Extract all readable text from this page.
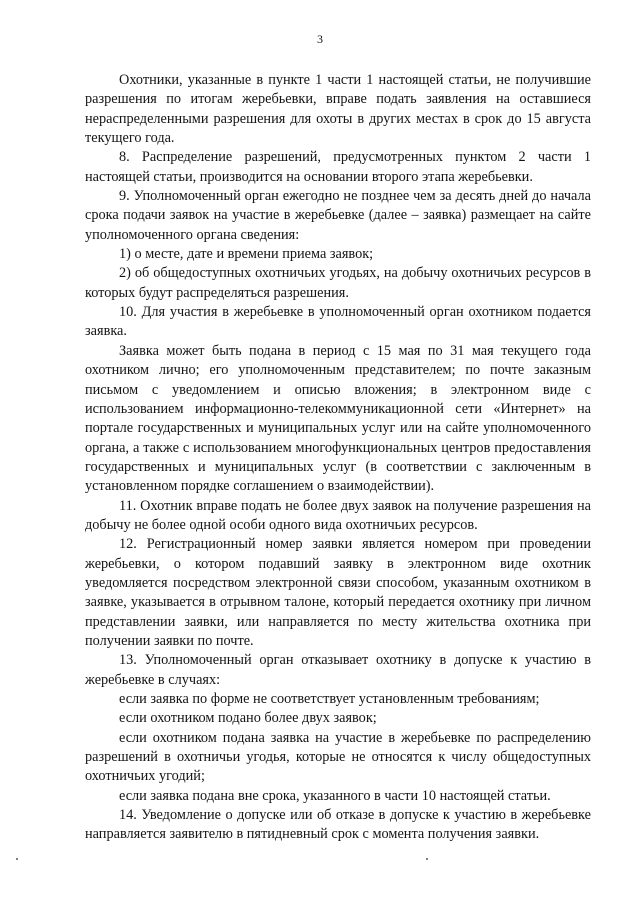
3

Охотники, указанные в пункте 1 части 1 настоящей статьи, не получившие разрешения по итогам жеребьевки, вправе подать заявления на оставшиеся нераспределенными разрешения для охоты в других местах в срок до 15 августа текущего года.

8. Распределение разрешений, предусмотренных пунктом 2 части 1 настоящей статьи, производится на основании второго этапа жеребьевки.

9. Уполномоченный орган ежегодно не позднее чем за десять дней до начала срока подачи заявок на участие в жеребьевке (далее – заявка) размещает на сайте уполномоченного органа сведения:

1) о месте, дате и времени приема заявок;

2) об общедоступных охотничьих угодьях, на добычу охотничьих ресурсов в которых будут распределяться разрешения.

10. Для участия в жеребьевке в уполномоченный орган охотником подается заявка.

Заявка может быть подана в период с 15 мая по 31 мая текущего года охотником лично; его уполномоченным представителем; по почте заказным письмом с уведомлением и описью вложения; в электронном виде с использованием информационно-телекоммуникационной сети «Интернет» на портале государственных и муниципальных услуг или на сайте уполномоченного органа, а также с использованием многофункциональных центров предоставления государственных и муниципальных услуг (в соответствии с заключенным в установленном порядке соглашением о взаимодействии).

11. Охотник вправе подать не более двух заявок на получение разрешения на добычу не более одной особи одного вида охотничьих ресурсов.

12. Регистрационный номер заявки является номером при проведении жеребьевки, о котором подавший заявку в электронном виде охотник уведомляется посредством электронной связи способом, указанным охотником в заявке, указывается в отрывном талоне, который передается охотнику при личном представлении заявки, или направляется по месту жительства охотника при получении заявки по почте.

13. Уполномоченный орган отказывает охотнику в допуске к участию в жеребьевке в случаях:

если заявка по форме не соответствует установленным требованиям;

если охотником подано более двух заявок;

если охотником подана заявка на участие в жеребьевке по распределению разрешений в охотничьи угодья, которые не относятся к числу общедоступных охотничьих угодий;

если заявка подана вне срока, указанного в части 10 настоящей статьи.

14. Уведомление о допуске или об отказе в допуске к участию в жеребьевке направляется заявителю в пятидневный срок с момента получения заявки.
